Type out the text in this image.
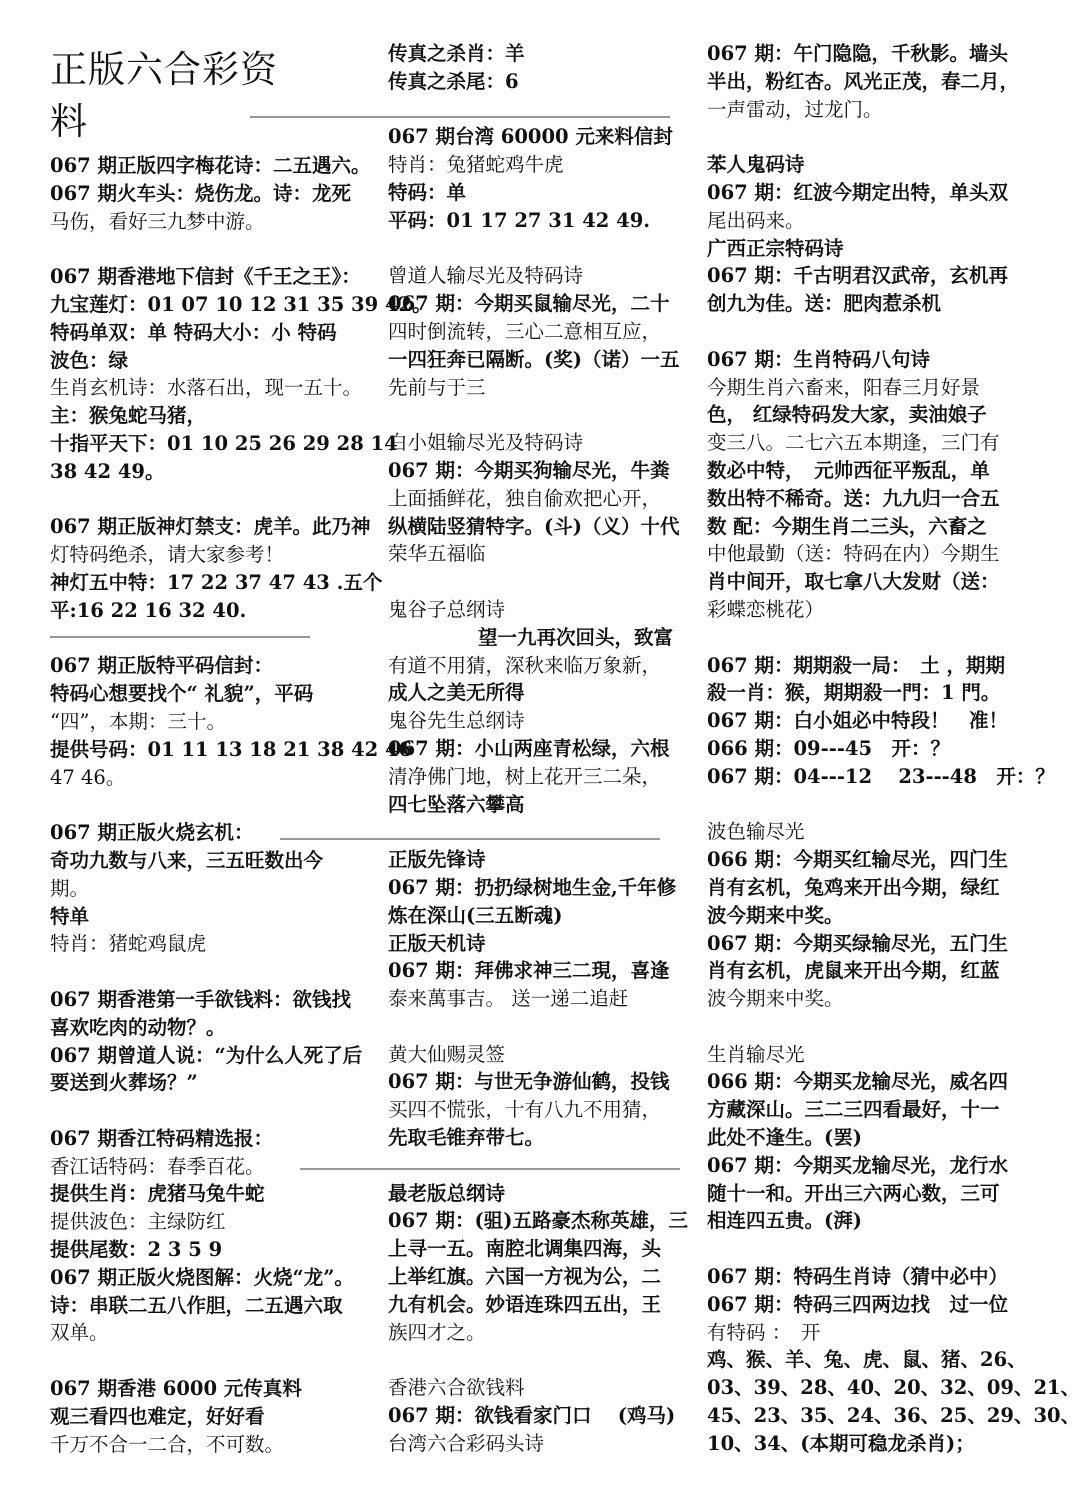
正版六合彩资
料
067 期正版四字梅花诗：二五遇六。
067 期火车头：烧伤龙。诗：龙死
马伤，看好三九梦中游。
067 期香港地下信封《千王之王》：
九宝莲灯：01 07 10 12 31 35 39 42。
特码单双：单 特码大小：小 特码
波色：绿
生肖玄机诗：水落石出，现一五十。
主：猴兔蛇马猪，
十指平天下：01 10 25 26 29 28 14
38 42 49。
067 期正版神灯禁支：虎羊。此乃神
灯特码绝杀，请大家参考！
神灯五中特：17 22 37 47 43 .五个
平:16 22 16 32 40.
067 期正版特平码信封：
特码心想要找个“ 礼貌”，平码
“四”，本期：三十。
提供号码：01 11 13 18 21 38 42 46
47 46。
067 期正版火烧玄机：
奇功九数与八来，三五旺数出今
期。
特单
特肖：猪蛇鸡鼠虎
067 期香港第一手欲钱料：欲钱找
喜欢吃肉的动物？。
067 期曾道人说：“为什么人死了后
要送到火葬场？”
067 期香江特码精选报：
香江话特码：春季百花。
提供生肖：虎猪马兔牛蛇
提供波色：主绿防红
提供尾数：2 3 5 9
067 期正版火烧图解：火烧“龙”。
诗：串联二五八作胆，二五遇六取
双单。
067 期香港 6000 元传真料
观三看四也难定，好好看
千万不合一二合，不可数。
传真之杀肖：羊
传真之杀尾：6
067 期台湾 60000 元来料信封
特肖：兔猪蛇鸡牛虎
特码：单
平码：01 17 27 31 42 49.
曾道人输尽光及特码诗
067 期：今期买鼠输尽光，二十
四时倒流转，三心二意相互应，
一四狂奔已隔断。(奖)（诺）一五
先前与于三
白小姐输尽光及特码诗
067 期：今期买狗输尽光，牛粪
上面插鲜花，独自偷欢把心开，
纵横陆竖猜特字。(斗)（义）十代
荣华五福临
鬼谷子总纲诗
望一九再次回头，致富
有道不用猜，深秋来临万象新，
成人之美无所得
鬼谷先生总纲诗
067 期：小山两座青松绿，六根
清净佛门地，树上花开三二朵，
四七坠落六攀高
正版先锋诗
067 期：扔扔绿树地生金,千年修
炼在深山(三五断魂)
正版天机诗
067 期：拜佛求神三二現，喜逢
泰来萬事吉。 送一递二追赶
黄大仙赐灵签
067 期：与世无争游仙鹤，投钱
买四不慌张，十有八九不用猜，
先取毛锥弃带七。
最老版总纲诗
067 期：(驵)五路豪杰称英雄，三
上寻一五。南腔北调集四海，头
上举红旗。六国一方视为公，二
九有机会。妙语连珠四五出，王
族四才之。
香港六合欲钱料
067 期：欲钱看家门口　 (鸡马)
台湾六合彩码头诗
067 期：午门隐隐，千秋影。墙头
半出，粉红杏。风光正茂，春二月，
一声雷动，过龙门。
苯人鬼码诗
067 期：红波今期定出特，单头双
尾出码来。
广西正宗特码诗
067 期：千古明君汉武帝，玄机再
创九为佳。送：肥肉惹杀机
067 期：生肖特码八句诗
今期生肖六畜来，阳春三月好景
色， 红绿特码发大家，卖油娘子
变三八。二七六五本期逢，三门有
数必中特，　元帅西征平叛乱，单
数出特不稀奇。送：九九归一合五
数 配：今期生肖二三头，六畜之
中他最勤（送：特码在内）今期生
肖中间开，取七拿八大发财（送：
彩蝶恋桃花）
067 期：期期殺一局：　土 ，期期
殺一肖：猴，期期殺一門：1 門。
067 期：白小姐必中特段！　准！
066 期：09---45　开：？
067 期：04---12　 23---48　开：？
波色输尽光
066 期：今期买红输尽光，四门生
肖有玄机，兔鸡来开出今期，绿红
波今期来中奖。
067 期：今期买绿输尽光，五门生
肖有玄机，虎鼠来开出今期，红蓝
波今期来中奖。
生肖输尽光
066 期：今期买龙输尽光，威名四
方藏深山。三二三四看最好，十一
此处不逢生。(罢)
067 期：今期买龙输尽光，龙行水
随十一和。开出三六两心数，三可
相连四五贵。(湃)
067 期：特码生肖诗（猜中必中）
067 期：特码三四两边找　过一位
有特码 ：　开
鸡、猴、羊、兔、虎、鼠、猪、26、
03、39、28、40、20、32、09、21、
45、23、35、24、36、25、29、30、
10、34、(本期可稳龙杀肖)；
